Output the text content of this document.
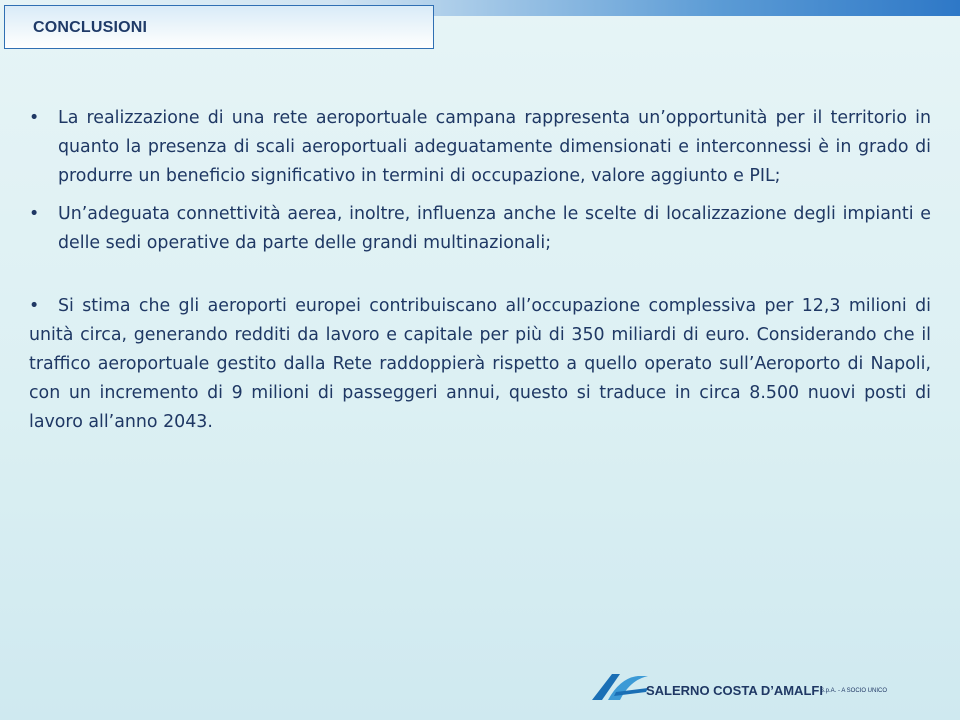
CONCLUSIONI
•	La realizzazione di una rete aeroportuale campana rappresenta un’opportunità per il territorio in quanto la presenza di scali aeroportuali adeguatamente dimensionati e interconnessi è in grado di produrre un beneficio significativo in termini di occupazione, valore aggiunto e PIL;
•	Un’adeguata connettività aerea, inoltre, influenza anche le scelte di localizzazione degli impianti e delle sedi operative da parte delle grandi multinazionali;
• Si stima che gli aeroporti europei contribuiscano all’occupazione complessiva per 12,3 milioni di unità circa, generando redditi da lavoro e capitale per più di 350 miliardi di euro. Considerando che il traffico aeroportuale gestito dalla Rete raddoppierà rispetto a quello operato sull’Aeroporto di Napoli, con un incremento di 9 milioni di passeggeri annui, questo si traduce in circa 8.500 nuovi posti di lavoro all’anno 2043.
SALERNO COSTA D’AMALFI
S.p.A. - A SOCIO UNICO
